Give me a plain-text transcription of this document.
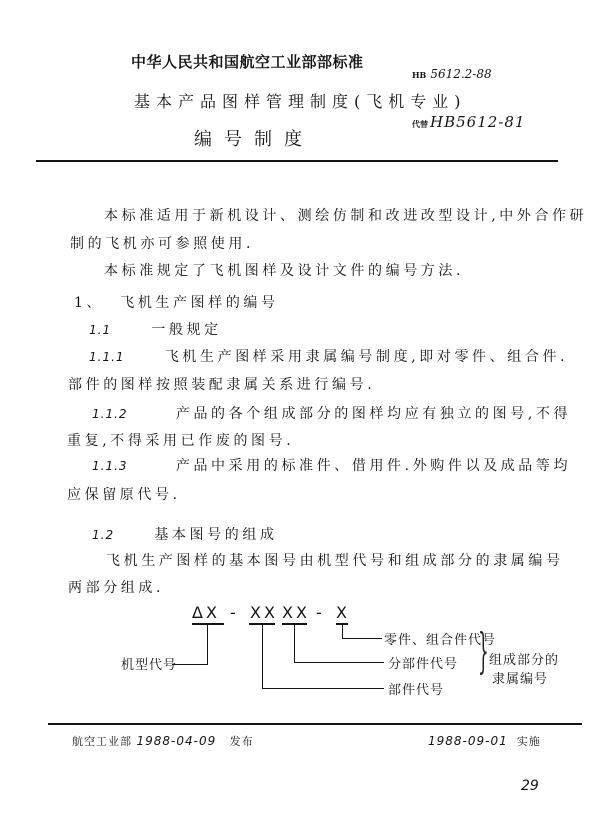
中华人民共和国航空工业部部标准
HB 5612.2-88
基本产品图样管理制度(飞机专业)
代替 HB5612-81
编号制度
本标准适用于新机设计、测绘仿制和改进改型设计,中外合作研
制的飞机亦可参照使用.
本标准规定了飞机图样及设计文件的编号方法.
1、 飞机生产图样的编号
1.1	一般规定
1.1.1	飞机生产图样采用隶属编号制度,即对零件、组合件.
部件的图样按照装配隶属关系进行编号.
1.1.2	产品的各个组成部分的图样均应有独立的图号,不得
重复,不得采用已作废的图号.
1.1.3	产品中采用的标准件、借用件.外购件以及成品等均
应保留原代号.
1.2	基本图号的组成
飞机生产图样的基本图号由机型代号和组成部分的隶属编号
两部分组成.
ΔX - XX XX - X
机型代号
零件、组合件代号
分部件代号
部件代号
} 组成部分的
隶属编号
航空工业部 1988-04-09 发布	1988-09-01 实施
29
